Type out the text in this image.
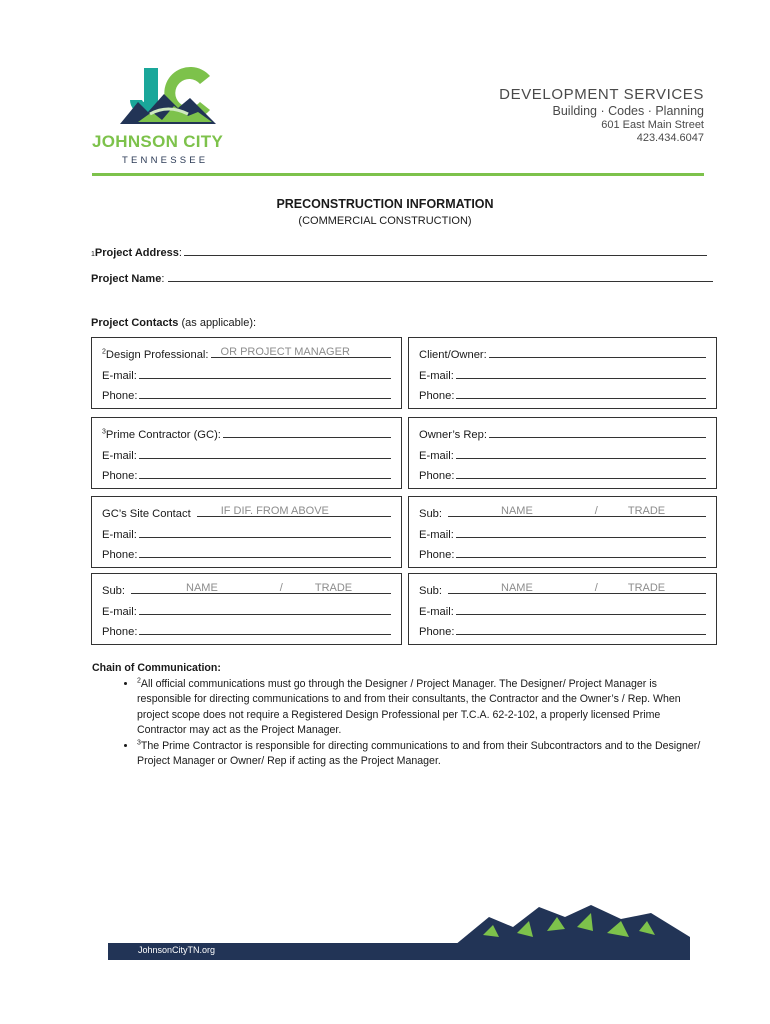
JOHNSON CITY
TENNESSEE
DEVELOPMENT SERVICES
Building · Codes · Planning
601 East Main Street
423.434.6047
PRECONSTRUCTION INFORMATION
(COMMERCIAL CONSTRUCTION)
1 Project Address :
Project Name :
Project Contacts (as applicable):
$^2$Design Professional:	OR PROJECT MANAGER
E-mail:
Phone:
Client/Owner:
E-mail:
Phone:
$^3$Prime Contractor (GC):
E-mail:
Phone:
Owner’s Rep:
E-mail:
Phone:
GC’s Site Contact	IF DIF. FROM ABOVE
E-mail:
Phone:
Sub:	NAME	/	TRADE
E-mail:
Phone:
Sub:	NAME	/	TRADE
E-mail:
Phone:
Sub:	NAME	/	TRADE
E-mail:
Phone:
Chain of Communication:
• $^2$All official communications must go through the Designer / Project Manager. The Designer/ Project Manager is responsible for directing communications to and from their consultants, the Contractor and the Owner’s / Rep. When project scope does not require a Registered Design Professional per T.C.A. 62-2-102, a properly licensed Prime Contractor may act as the Project Manager.
• $^3$The Prime Contractor is responsible for directing communications to and from their Subcontractors and to the Designer/ Project Manager or Owner/ Rep if acting as the Project Manager.
JohnsonCityTN.org
